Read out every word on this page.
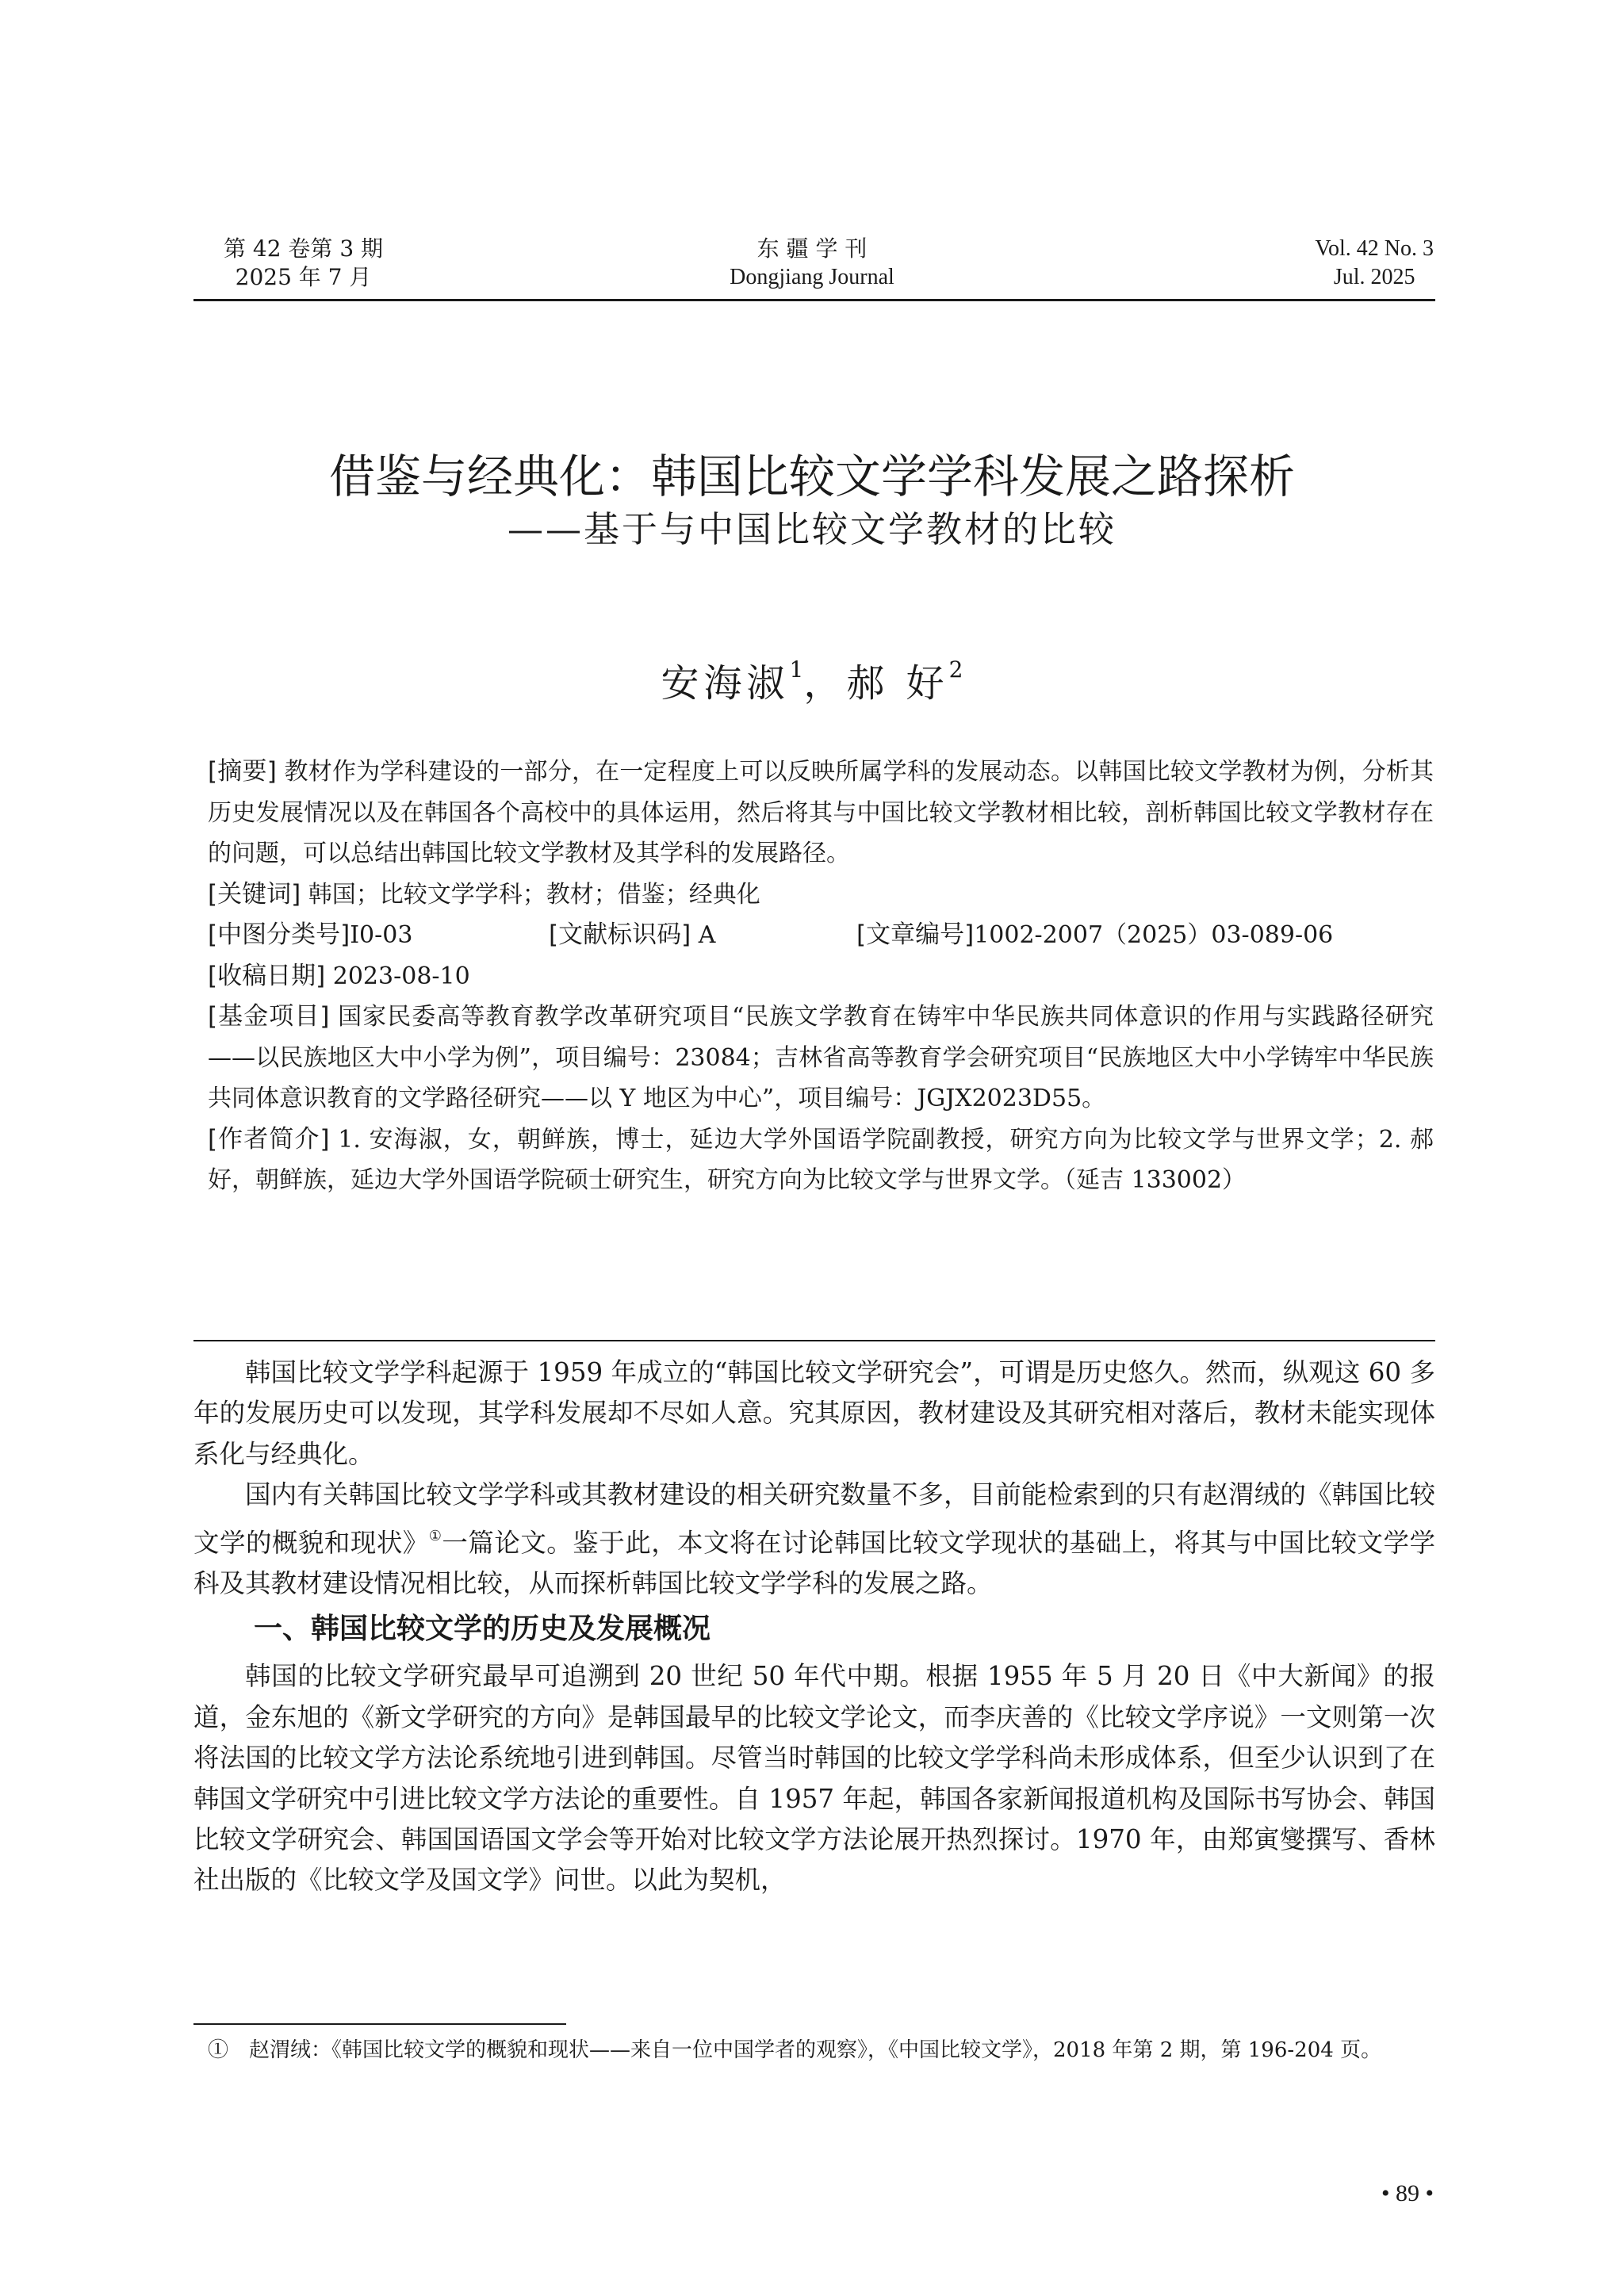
第 42 卷第 3 期
2025 年 7 月
东 疆 学 刊
Dongjiang Journal
Vol. 42 No. 3
Jul. 2025
借鉴与经典化：韩国比较文学学科发展之路探析
——基于与中国比较文学教材的比较
安海淑$^1$，郝 好$^2$

[摘要] 教材作为学科建设的一部分，在一定程度上可以反映所属学科的发展动态。以韩国比较文学教材为例，分析其历史发展情况以及在韩国各个高校中的具体运用，然后将其与中国比较文学教材相比较，剖析韩国比较文学教材存在的问题，可以总结出韩国比较文学教材及其学科的发展路径。

[关键词] 韩国；比较文学学科；教材；借鉴；经典化

[中图分类号]I0-03	[文献标识码] A	[文章编号]1002-2007（2025）03-089-06

[收稿日期] 2023-08-10

[基金项目] 国家民委高等教育教学改革研究项目“民族文学教育在铸牢中华民族共同体意识的作用与实践路径研究——以民族地区大中小学为例”，项目编号：23084；吉林省高等教育学会研究项目“民族地区大中小学铸牢中华民族共同体意识教育的文学路径研究——以 Y 地区为中心”，项目编号：JGJX2023D55。

[作者简介] 1. 安海淑，女，朝鲜族，博士，延边大学外国语学院副教授，研究方向为比较文学与世界文学；2. 郝好，朝鲜族，延边大学外国语学院硕士研究生，研究方向为比较文学与世界文学。（延吉 133002）

韩国比较文学学科起源于 1959 年成立的“韩国比较文学研究会”，可谓是历史悠久。然而，纵观这 60 多年的发展历史可以发现，其学科发展却不尽如人意。究其原因，教材建设及其研究相对落后，教材未能实现体系化与经典化。

国内有关韩国比较文学学科或其教材建设的相关研究数量不多，目前能检索到的只有赵渭绒的《韩国比较文学的概貌和现状》①一篇论文。鉴于此，本文将在讨论韩国比较文学现状的基础上，将其与中国比较文学学科及其教材建设情况相比较，从而探析韩国比较文学学科的发展之路。

一、韩国比较文学的历史及发展概况

韩国的比较文学研究最早可追溯到 20 世纪 50 年代中期。根据 1955 年 5 月 20 日《中大新闻》的报道，金东旭的《新文学研究的方向》是韩国最早的比较文学论文，而李庆善的《比较文学序说》一文则第一次将法国的比较文学方法论系统地引进到韩国。尽管当时韩国的比较文学学科尚未形成体系，但至少认识到了在韩国文学研究中引进比较文学方法论的重要性。自 1957 年起，韩国各家新闻报道机构及国际书写协会、韩国比较文学研究会、韩国国语国文学会等开始对比较文学方法论展开热烈探讨。1970 年，由郑寅燮撰写、香林社出版的《比较文学及国文学》问世。以此为契机，

①　赵渭绒：《韩国比较文学的概貌和现状——来自一位中国学者的观察》，《中国比较文学》，2018 年第 2 期，第 196-204 页。
• 89 •
